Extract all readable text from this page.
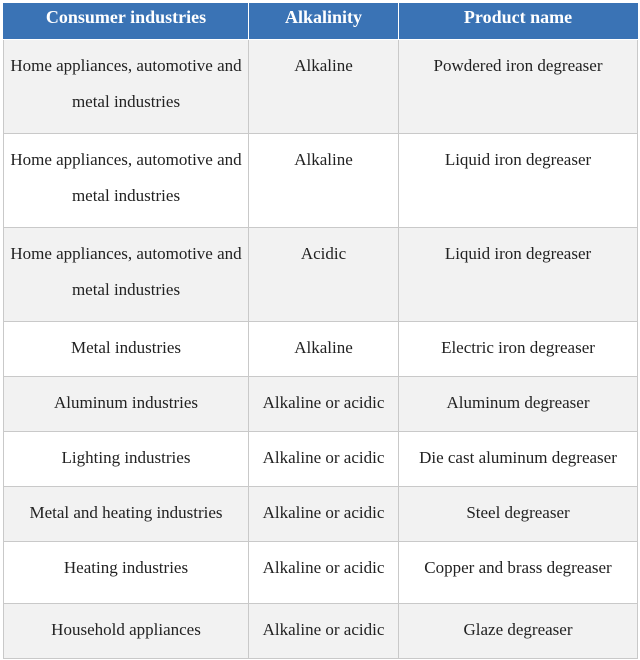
Consumer industries	Alkalinity	Product name

Home appliances, automotive and metal industries	Alkaline	Powdered iron degreaser

Home appliances, automotive and metal industries	Alkaline	Liquid iron degreaser

Home appliances, automotive and metal industries	Acidic	Liquid iron degreaser

Metal industries	Alkaline	Electric iron degreaser

Aluminum industries	Alkaline or acidic	Aluminum degreaser

Lighting industries	Alkaline or acidic	Die cast aluminum degreaser

Metal and heating industries	Alkaline or acidic	Steel degreaser

Heating industries	Alkaline or acidic	Copper and brass degreaser

Household appliances	Alkaline or acidic	Glaze degreaser
